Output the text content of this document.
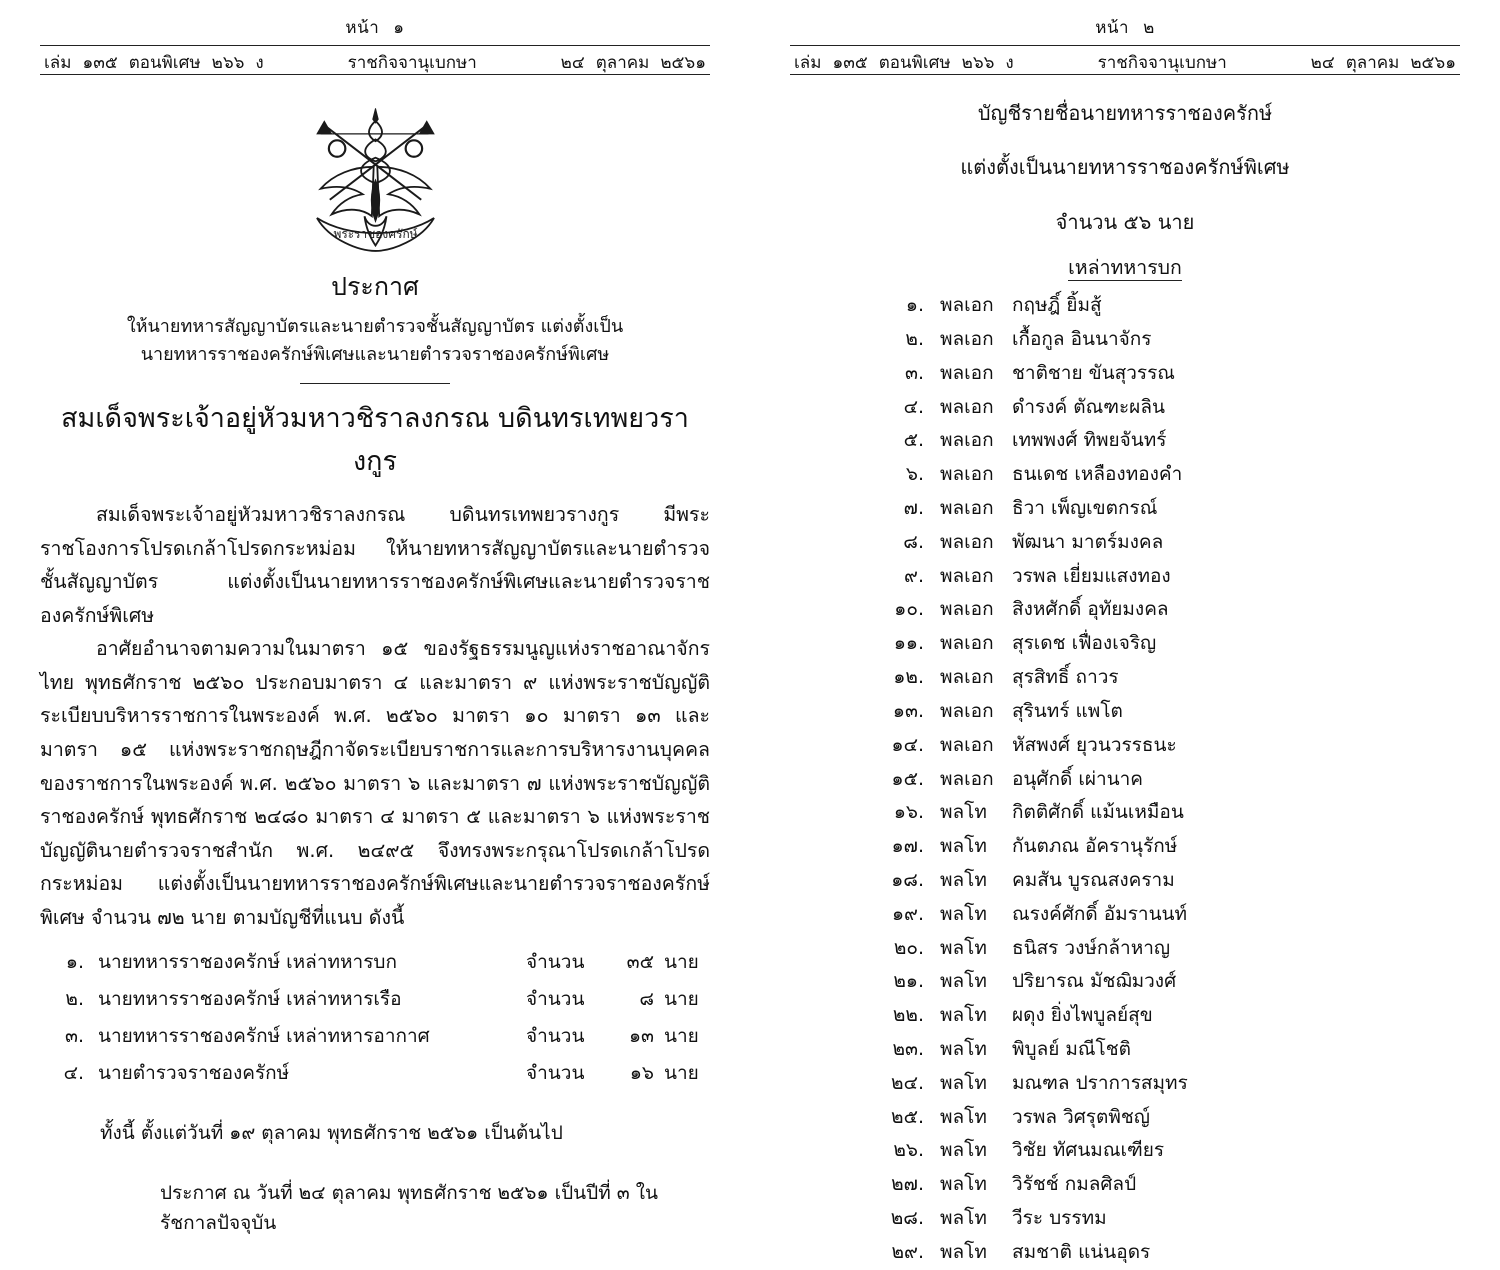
หน้า ๑
เล่ม ๑๓๕ ตอนพิเศษ ๒๖๖ ง	ราชกิจจานุเบกษา	๒๔ ตุลาคม ๒๕๖๑
พระราชองครักษ์
ประกาศ
ให้นายทหารสัญญาบัตรและนายตำรวจชั้นสัญญาบัตร แต่งตั้งเป็น
นายทหารราชองครักษ์พิเศษและนายตำรวจราชองครักษ์พิเศษ
สมเด็จพระเจ้าอยู่หัวมหาวชิราลงกรณ บดินทรเทพยวรางกูร

สมเด็จพระเจ้าอยู่หัวมหาวชิราลงกรณ บดินทรเทพยวรางกูร มีพระราชโองการโปรดเกล้าโปรดกระหม่อม ให้นายทหารสัญญาบัตรและนายตำรวจชั้นสัญญาบัตร แต่งตั้งเป็นนายทหารราชองครักษ์พิเศษและนายตำรวจราชองครักษ์พิเศษ

อาศัยอำนาจตามความในมาตรา ๑๕ ของรัฐธรรมนูญแห่งราชอาณาจักรไทย พุทธศักราช ๒๕๖๐ ประกอบมาตรา ๔ และมาตรา ๙ แห่งพระราชบัญญัติระเบียบบริหารราชการในพระองค์ พ.ศ. ๒๕๖๐ มาตรา ๑๐ มาตรา ๑๓ และมาตรา ๑๕ แห่งพระราชกฤษฎีกาจัดระเบียบราชการและการบริหารงานบุคคลของราชการในพระองค์ พ.ศ. ๒๕๖๐ มาตรา ๖ และมาตรา ๗ แห่งพระราชบัญญัติราชองครักษ์ พุทธศักราช ๒๔๘๐ มาตรา ๔ มาตรา ๕ และมาตรา ๖ แห่งพระราชบัญญัตินายตำรวจราชสำนัก พ.ศ. ๒๔๙๕ จึงทรงพระกรุณาโปรดเกล้าโปรดกระหม่อม แต่งตั้งเป็นนายทหารราชองครักษ์พิเศษและนายตำรวจราชองครักษ์พิเศษ จำนวน ๗๒ นาย ตามบัญชีที่แนบ ดังนี้

๑. นายทหารราชองครักษ์ เหล่าทหารบก	จำนวน	๓๕ นาย
๒. นายทหารราชองครักษ์ เหล่าทหารเรือ	จำนวน	๘ นาย
๓. นายทหารราชองครักษ์ เหล่าทหารอากาศ	จำนวน	๑๓ นาย
๔. นายตำรวจราชองครักษ์	จำนวน	๑๖ นาย
ทั้งนี้ ตั้งแต่วันที่ ๑๙ ตุลาคม พุทธศักราช ๒๕๖๑ เป็นต้นไป
ประกาศ ณ วันที่ ๒๔ ตุลาคม พุทธศักราช ๒๕๖๑ เป็นปีที่ ๓ ในรัชกาลปัจจุบัน
หน้า ๒
เล่ม ๑๓๕ ตอนพิเศษ ๒๖๖ ง	ราชกิจจานุเบกษา	๒๔ ตุลาคม ๒๕๖๑
บัญชีรายชื่อนายทหารราชองครักษ์
แต่งตั้งเป็นนายทหารราชองครักษ์พิเศษ
จำนวน ๕๖ นาย
เหล่าทหารบก
๑. พลเอก กฤษฎิ์ ยิ้มสู้
๒. พลเอก เกื้อกูล อินนาจักร
๓. พลเอก ชาติชาย ขันสุวรรณ
๔. พลเอก ดำรงค์ ตัณฑะผลิน
๕. พลเอก เทพพงศ์ ทิพยจันทร์
๖. พลเอก ธนเดช เหลืองทองคำ
๗. พลเอก ธิวา เพ็ญเขตกรณ์
๘. พลเอก พัฒนา มาตร์มงคล
๙. พลเอก วรพล เยี่ยมแสงทอง
๑๐. พลเอก สิงหศักดิ์ อุทัยมงคล
๑๑. พลเอก สุรเดช เฟื่องเจริญ
๑๒. พลเอก สุรสิทธิ์ ถาวร
๑๓. พลเอก สุรินทร์ แพโต
๑๔. พลเอก หัสพงศ์ ยุวนวรรธนะ
๑๕. พลเอก อนุศักดิ์ เผ่านาค
๑๖. พลโท	กิตติศักดิ์ แม้นเหมือน
๑๗. พลโท	กันตภณ อัครานุรักษ์
๑๘. พลโท	คมสัน บูรณสงคราม
๑๙. พลโท	ณรงค์ศักดิ์ อัมรานนท์
๒๐. พลโท	ธนิสร วงษ์กล้าหาญ
๒๑. พลโท	ปริยารณ มัชฌิมวงศ์
๒๒. พลโท	ผดุง ยิ่งไพบูลย์สุข
๒๓. พลโท	พิบูลย์ มณีโชติ
๒๔. พลโท	มณฑล ปราการสมุทร
๒๕. พลโท	วรพล วิศรุตพิชญ์
๒๖. พลโท	วิชัย ทัศนมณเฑียร
๒๗. พลโท	วิรัชช์ กมลศิลป์
๒๘. พลโท	วีระ บรรทม
๒๙. พลโท	สมชาติ แน่นอุดร
